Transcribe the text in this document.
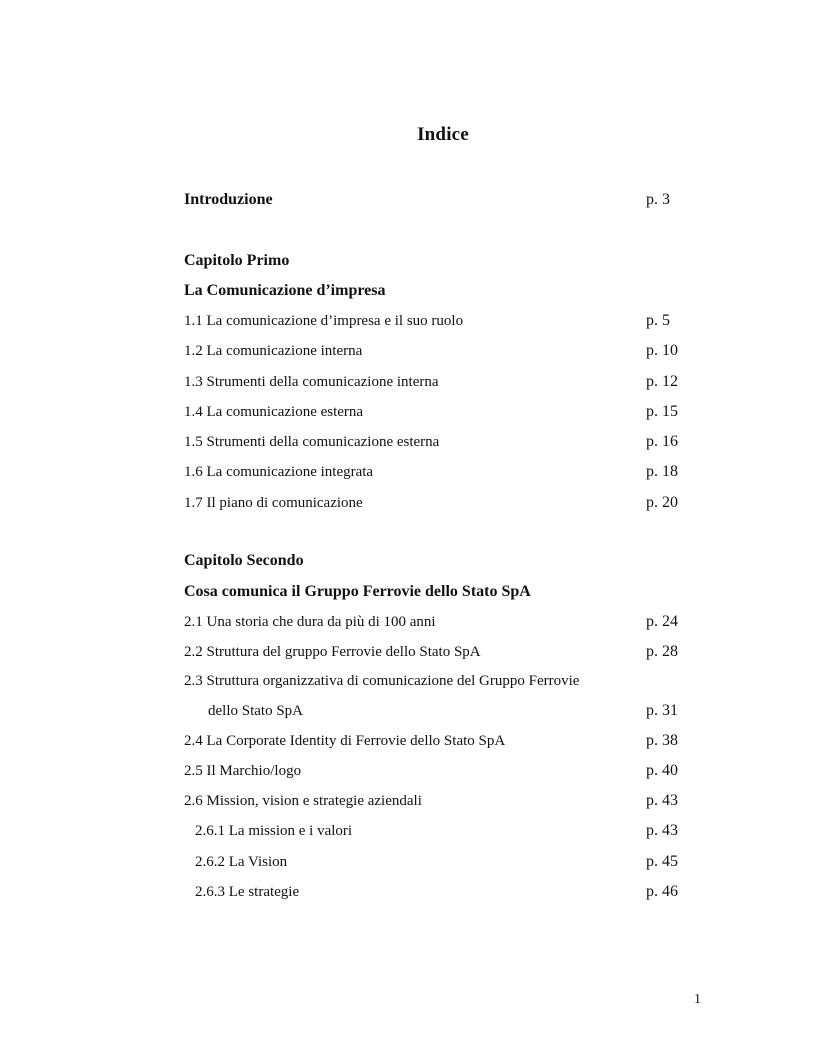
Indice
Introduzione	p. 3
Capitolo Primo
La Comunicazione d’impresa
1.1 La comunicazione d’impresa e il suo ruolo	p. 5
1.2 La comunicazione interna	p. 10
1.3 Strumenti della comunicazione interna	p. 12
1.4 La comunicazione esterna	p. 15
1.5 Strumenti della comunicazione esterna	p. 16
1.6 La comunicazione integrata	p. 18
1.7 Il piano di comunicazione	p. 20
Capitolo Secondo
Cosa comunica il Gruppo Ferrovie dello Stato SpA
2.1 Una storia che dura da più di 100 anni	p. 24
2.2 Struttura del gruppo Ferrovie dello Stato SpA	p. 28
2.3 Struttura organizzativa di comunicazione del Gruppo Ferrovie
dello Stato SpA	p. 31
2.4 La Corporate Identity di Ferrovie dello Stato SpA	p. 38
2.5 Il Marchio/logo	p. 40
2.6 Mission, vision e strategie aziendali	p. 43
2.6.1 La mission e i valori	p. 43
2.6.2 La Vision	p. 45
2.6.3 Le strategie	p. 46
1
